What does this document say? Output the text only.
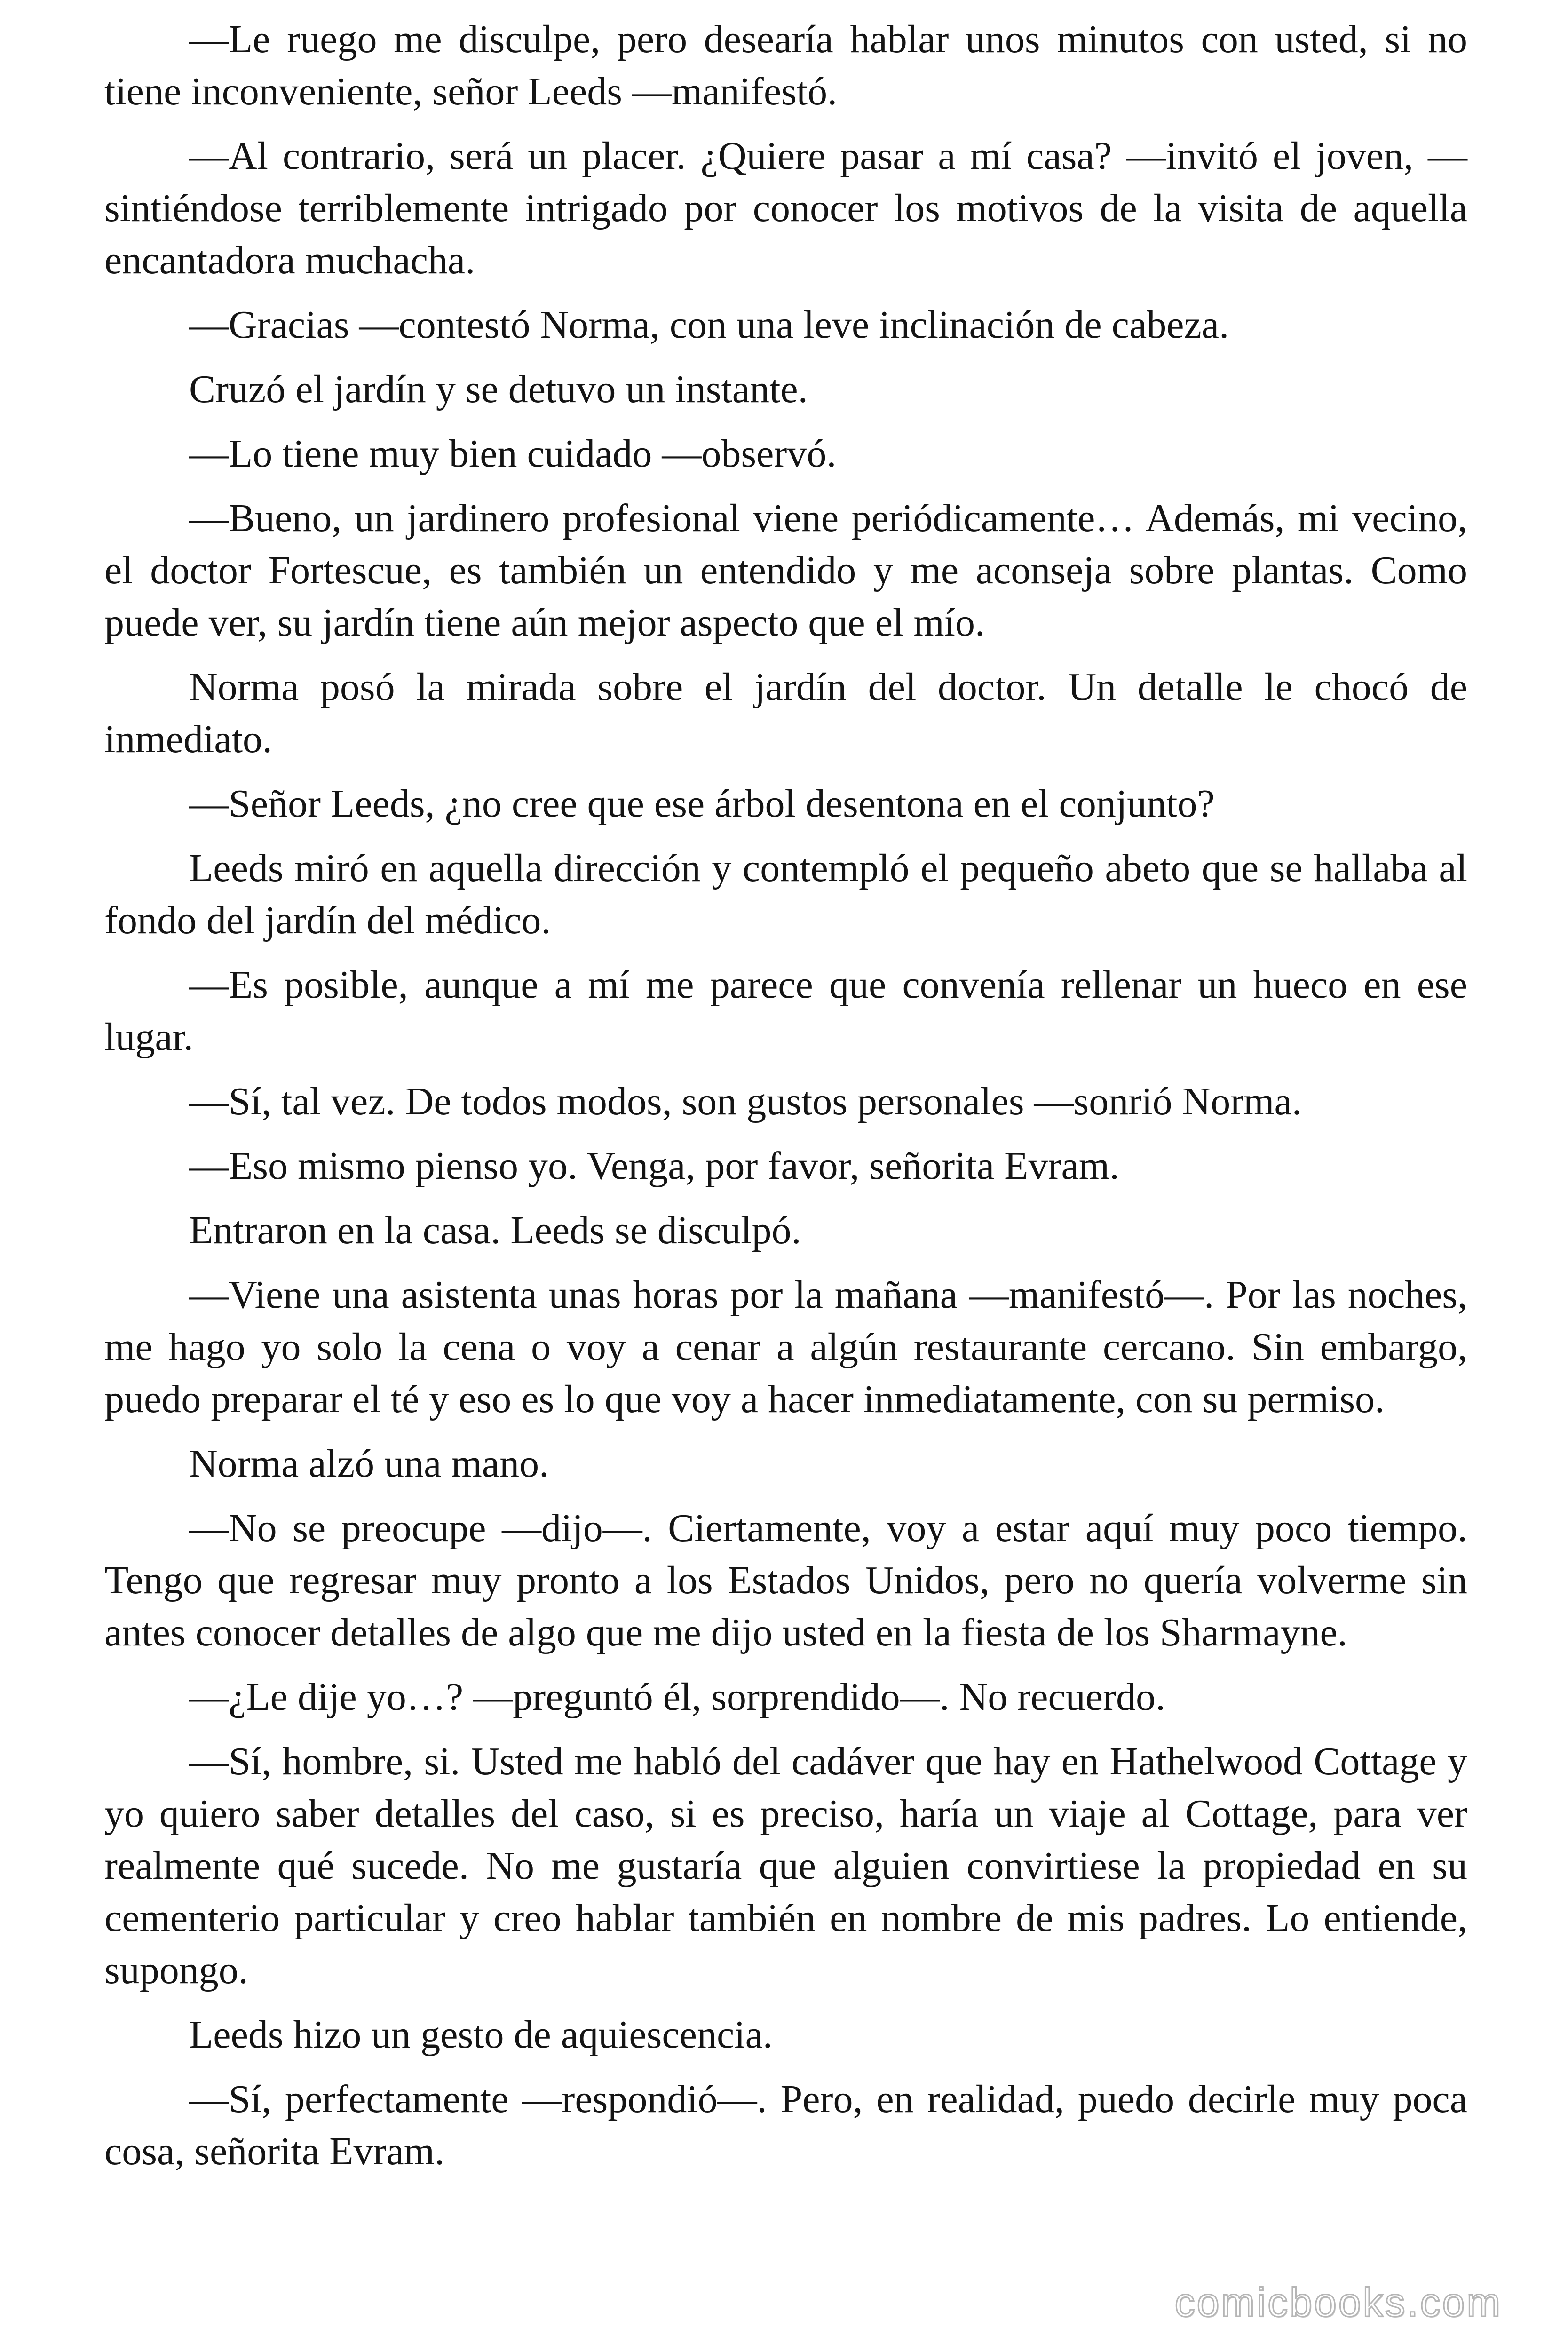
—Le ruego me disculpe, pero desearía hablar unos minutos con usted, si no tiene inconveniente, señor Leeds —manifestó.

—Al contrario, será un placer. ¿Quiere pasar a mí casa? —invitó el joven, —sintiéndose terriblemente intrigado por conocer los motivos de la visita de aquella encantadora muchacha.

—Gracias —contestó Norma, con una leve inclinación de cabeza.

Cruzó el jardín y se detuvo un instante.

—Lo tiene muy bien cuidado —observó.

—Bueno, un jardinero profesional viene periódicamente… Además, mi vecino, el doctor Fortescue, es también un entendido y me aconseja sobre plantas. Como puede ver, su jardín tiene aún mejor aspecto que el mío.

Norma posó la mirada sobre el jardín del doctor. Un detalle le chocó de inmediato.

—Señor Leeds, ¿no cree que ese árbol desentona en el conjunto?

Leeds miró en aquella dirección y contempló el pequeño abeto que se hallaba al fondo del jardín del médico.

—Es posible, aunque a mí me parece que convenía rellenar un hueco en ese lugar.

—Sí, tal vez. De todos modos, son gustos personales —sonrió Norma.

—Eso mismo pienso yo. Venga, por favor, señorita Evram.

Entraron en la casa. Leeds se disculpó.

—Viene una asistenta unas horas por la mañana —manifestó—. Por las noches, me hago yo solo la cena o voy a cenar a algún restaurante cercano. Sin embargo, puedo preparar el té y eso es lo que voy a hacer inmediatamente, con su permiso.

Norma alzó una mano.

—No se preocupe —dijo—. Ciertamente, voy a estar aquí muy poco tiempo. Tengo que regresar muy pronto a los Estados Unidos, pero no quería volverme sin antes conocer detalles de algo que me dijo usted en la fiesta de los Sharmayne.

—¿Le dije yo…? —preguntó él, sorprendido—. No recuerdo.

—Sí, hombre, si. Usted me habló del cadáver que hay en Hathelwood Cottage y yo quiero saber detalles del caso, si es preciso, haría un viaje al Cottage, para ver realmente qué sucede. No me gustaría que alguien convirtiese la propiedad en su cementerio particular y creo hablar también en nombre de mis padres. Lo entiende, supongo.

Leeds hizo un gesto de aquiescencia.

—Sí, perfectamente —respondió—. Pero, en realidad, puedo decirle muy poca cosa, señorita Evram.

comicbooks.com
